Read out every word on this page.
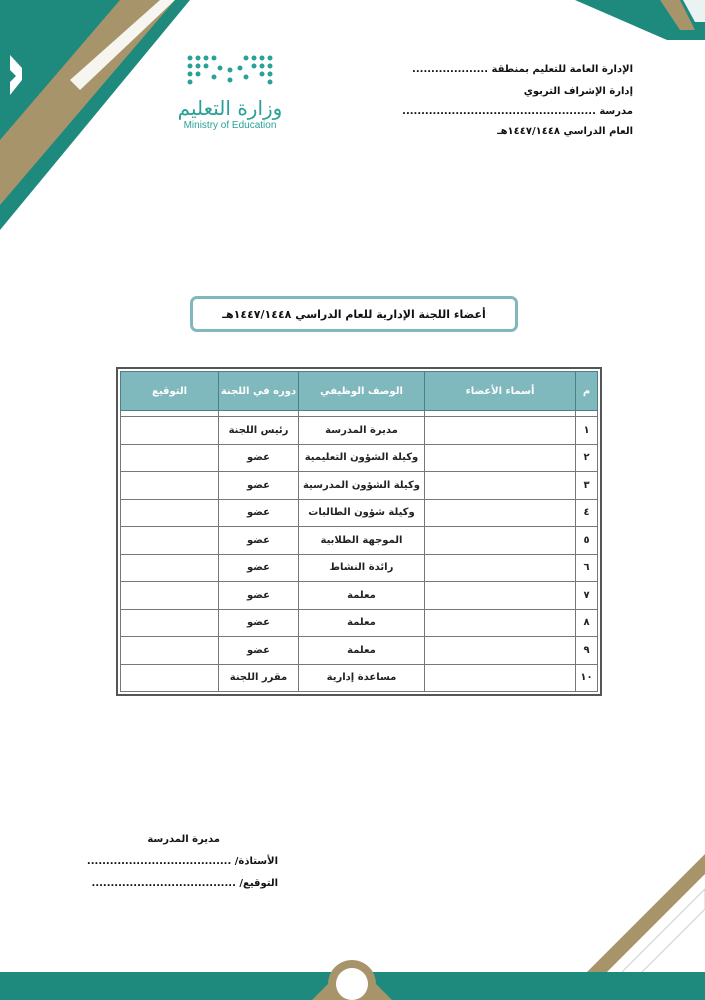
وزارة التعليم
Ministry of Education
الإدارة العامة للتعليم بمنطقة ....................
إدارة الإشراف التربوي
مدرسة ...................................................
العام الدراسي ١٤٤٧/١٤٤٨هـ
أعضاء اللجنة الإدارية للعام الدراسي ١٤٤٧/١٤٤٨هـ
م	أسماء الأعضاء	الوصف الوظيفي	دوره في اللجنة	التوقيع

١		مديرة المدرسة	رئيس اللجنة	
٢		وكيلة الشؤون التعليمية	عضو	
٣		وكيلة الشؤون المدرسية	عضو	
٤		وكيلة شؤون الطالبات	عضو	
٥		الموجهة الطلابية	عضو	
٦		رائدة النشاط	عضو	
٧		معلمة	عضو	
٨		معلمة	عضو	
٩		معلمة	عضو	
١٠		مساعدة إدارية	مقرر اللجنة	
مديرة المدرسة
الأستاذة/ ......................................
التوقيع/ ......................................
